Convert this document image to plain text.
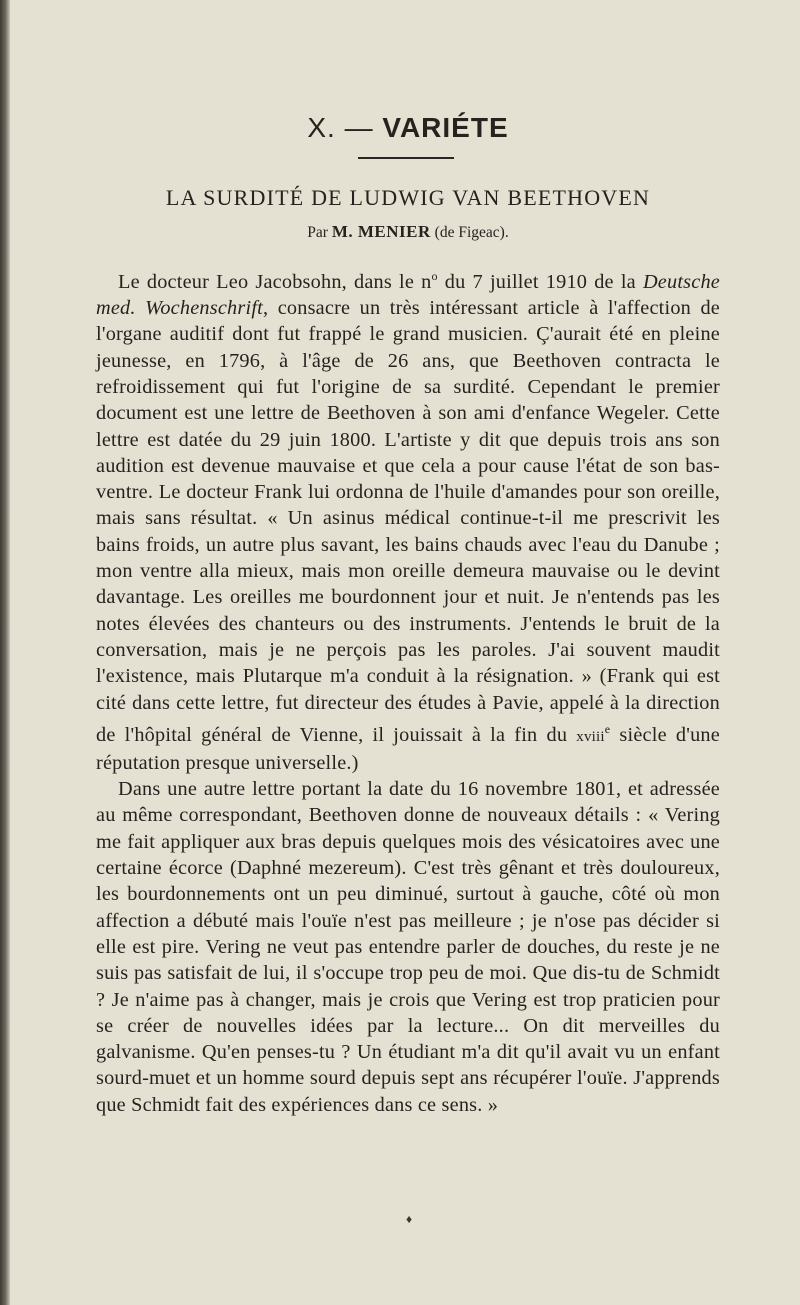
X. — VARIÉTE
LA SURDITÉ DE LUDWIG VAN BEETHOVEN
Par M. MENIER (de Figeac).

Le docteur Leo Jacobsohn, dans le $n^o$ du 7 juillet 1910 de la Deutsche med. Wochenschrift, consacre un très intéressant article à l'affection de l'organe auditif dont fut frappé le grand musicien. Ç'aurait été en pleine jeunesse, en 1796, à l'âge de 26 ans, que Beethoven contracta le refroidissement qui fut l'origine de sa surdité. Cependant le premier document est une lettre de Beethoven à son ami d'enfance Wegeler. Cette lettre est datée du 29 juin 1800. L'artiste y dit que depuis trois ans son audition est devenue mauvaise et que cela a pour cause l'état de son bas-ventre. Le docteur Frank lui ordonna de l'huile d'amandes pour son oreille, mais sans résultat. « Un asinus médical continue-t-il me prescrivit les bains froids, un autre plus savant, les bains chauds avec l'eau du Danube ; mon ventre alla mieux, mais mon oreille demeura mauvaise ou le devint davantage. Les oreilles me bourdonnent jour et nuit. Je n'entends pas les notes élevées des chanteurs ou des instruments. J'entends le bruit de la conversation, mais je ne perçois pas les paroles. J'ai souvent maudit l'existence, mais Plutarque m'a conduit à la résignation. » (Frank qui est cité dans cette lettre, fut directeur des études à Pavie, appelé à la direction de l'hôpital général de Vienne, il jouissait à la fin du xviii$^e$ siècle d'une réputation presque universelle.)

Dans une autre lettre portant la date du 16 novembre 1801, et adressée au même correspondant, Beethoven donne de nouveaux détails : « Vering me fait appliquer aux bras depuis quelques mois des vésicatoires avec une certaine écorce (Daphné mezereum). C'est très gênant et très douloureux, les bourdonnements ont un peu diminué, surtout à gauche, côté où mon affection a débuté mais l'ouïe n'est pas meilleure ; je n'ose pas décider si elle est pire. Vering ne veut pas entendre parler de douches, du reste je ne suis pas satisfait de lui, il s'occupe trop peu de moi. Que dis-tu de Schmidt ? Je n'aime pas à changer, mais je crois que Vering est trop praticien pour se créer de nouvelles idées par la lecture... On dit merveilles du galvanisme. Qu'en penses-tu ? Un étudiant m'a dit qu'il avait vu un enfant sourd-muet et un homme sourd depuis sept ans récupérer l'ouïe. J'apprends que Schmidt fait des expériences dans ce sens. »

♦
